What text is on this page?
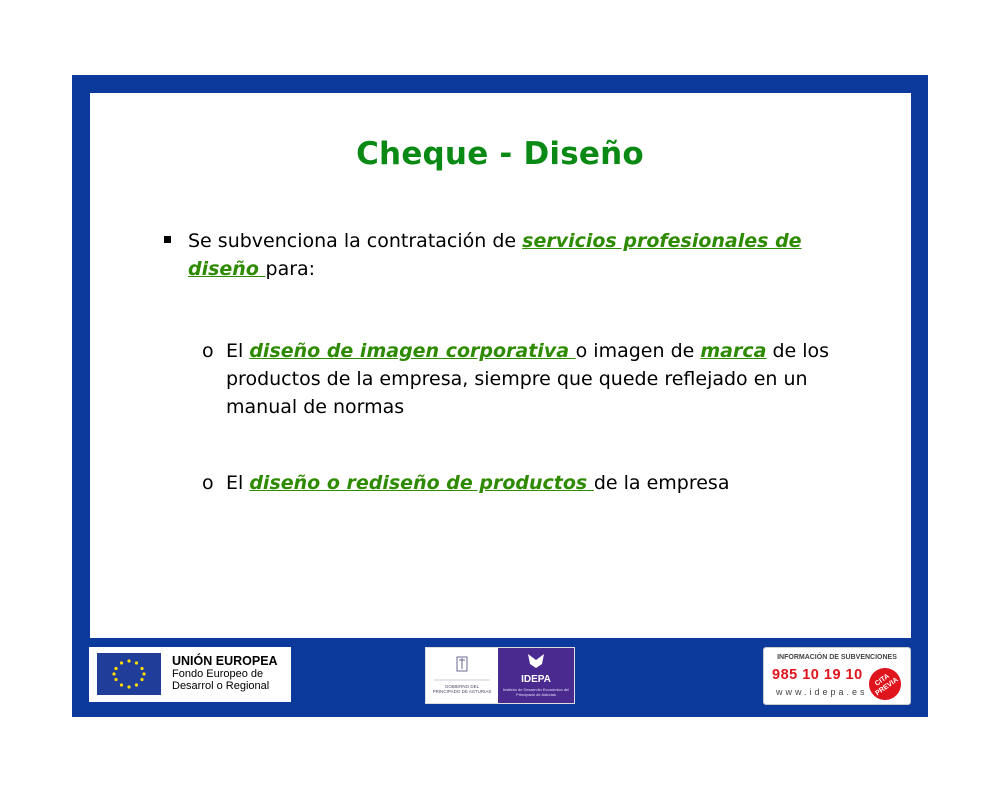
Cheque - Diseño
Se subvenciona la contratación de servicios profesionales de diseño para:
o El diseño de imagen corporativa o imagen de marca de los productos de la empresa, siempre que quede reflejado en un manual de normas
o El diseño o rediseño de productos de la empresa
UNIÓN EUROPEA
Fondo Europeo de
Desarrol o Regional	GOBIERNO DEL PRINCIPADO DE ASTURIAS
IDEPA
Instituto de Desarrollo Económico del Principado de Asturias
INFORMACIÓN DE SUBVENCIONES
985 10 19 10
www.idepa.es
CITA PREVIA
